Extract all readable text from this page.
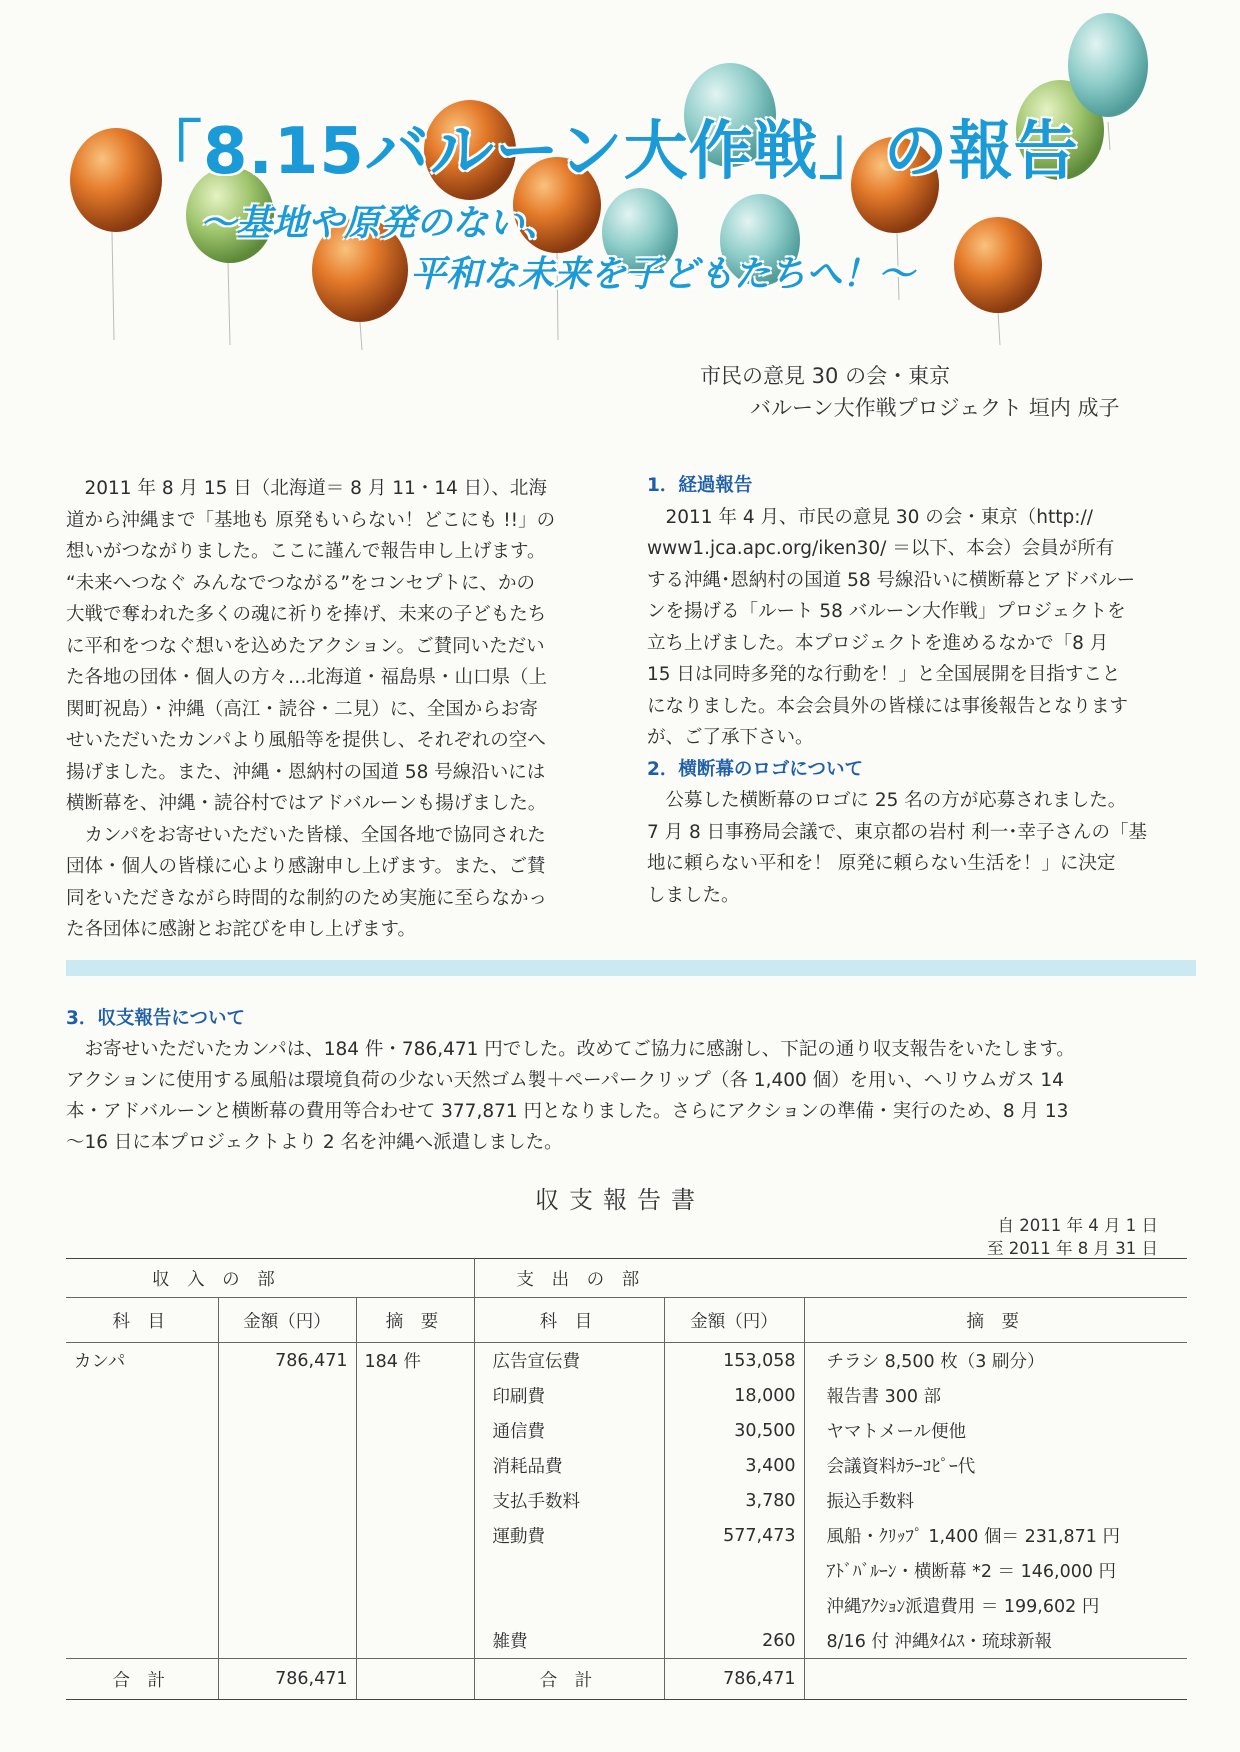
「8.15バルーン大作戦」の報告
～基地や原発のない、
平和な未来を子どもたちへ！～
市民の意見 30 の会・東京
バルーン大作戦プロジェクト 垣内 成子

　2011 年 8 月 15 日（北海道＝ 8 月 11・14 日）、北海

道から沖縄まで「基地も 原発もいらない！どこにも !!」の

想いがつながりました。ここに謹んで報告申し上げます。

“未来へつなぐ みんなでつながる”をコンセプトに、かの

大戦で奪われた多くの魂に祈りを捧げ、未来の子どもたち

に平和をつなぐ想いを込めたアクション。ご賛同いただい

た各地の団体・個人の方々…北海道・福島県・山口県（上

関町祝島）・沖縄（高江・読谷・二見）に、全国からお寄

せいただいたカンパより風船等を提供し、それぞれの空へ

揚げました。また、沖縄・恩納村の国道 58 号線沿いには

横断幕を、沖縄・読谷村ではアドバルーンも揚げました。

　カンパをお寄せいただいた皆様、全国各地で協同された

団体・個人の皆様に心より感謝申し上げます。また、ご賛

同をいただきながら時間的な制約のため実施に至らなかっ

た各団体に感謝とお詫びを申し上げます。

1．経過報告

　2011 年 4 月、市民の意見 30 の会・東京（http://

www1.jca.apc.org/iken30/ ＝以下、本会）会員が所有

する沖縄･恩納村の国道 58 号線沿いに横断幕とアドバルー

ンを揚げる「ルート 58 バルーン大作戦」プロジェクトを

立ち上げました。本プロジェクトを進めるなかで「8 月

15 日は同時多発的な行動を！」と全国展開を目指すこと

になりました。本会会員外の皆様には事後報告となります

が、ご了承下さい。

2．横断幕のロゴについて

　公募した横断幕のロゴに 25 名の方が応募されました。

7 月 8 日事務局会議で、東京都の岩村 利一･幸子さんの「基

地に頼らない平和を！ 原発に頼らない生活を！」に決定

しました。

3．収支報告について

　お寄せいただいたカンパは、184 件・786,471 円でした。改めてご協力に感謝し、下記の通り収支報告をいたします。

アクションに使用する風船は環境負荷の少ない天然ゴム製＋ペーパークリップ（各 1,400 個）を用い、ヘリウムガス 14

本・アドバルーンと横断幕の費用等合わせて 377,871 円となりました。さらにアクションの準備・実行のため、8 月 13

～16 日に本プロジェクトより 2 名を沖縄へ派遣しました。

収支報告書
自 2011 年 4 月 1 日
至 2011 年 8 月 31 日
収 入 の 部			支 出 の 部		
科 目	金額（円）	摘 要	科 目	金額（円）	摘 要
カンパ	786,471	184 件	広告宣伝費	153,058	チラシ 8,500 枚（3 刷分）
			印刷費	18,000	報告書 300 部
			通信費	30,500	ヤマトメール便他
			消耗品費	3,400	会議資料ｶﾗｰｺﾋﾟｰ代
			支払手数料	3,780	振込手数料
			運動費	577,473	風船・ｸﾘｯﾌﾟ 1,400 個＝ 231,871 円
					ｱﾄﾞﾊﾞﾙｰﾝ・横断幕 *2 ＝ 146,000 円
					沖縄ｱｸｼｮﾝ派遣費用 ＝ 199,602 円
			雑費	260	8/16 付 沖縄ﾀｲﾑｽ・琉球新報
合 計	786,471		合 計	786,471	
